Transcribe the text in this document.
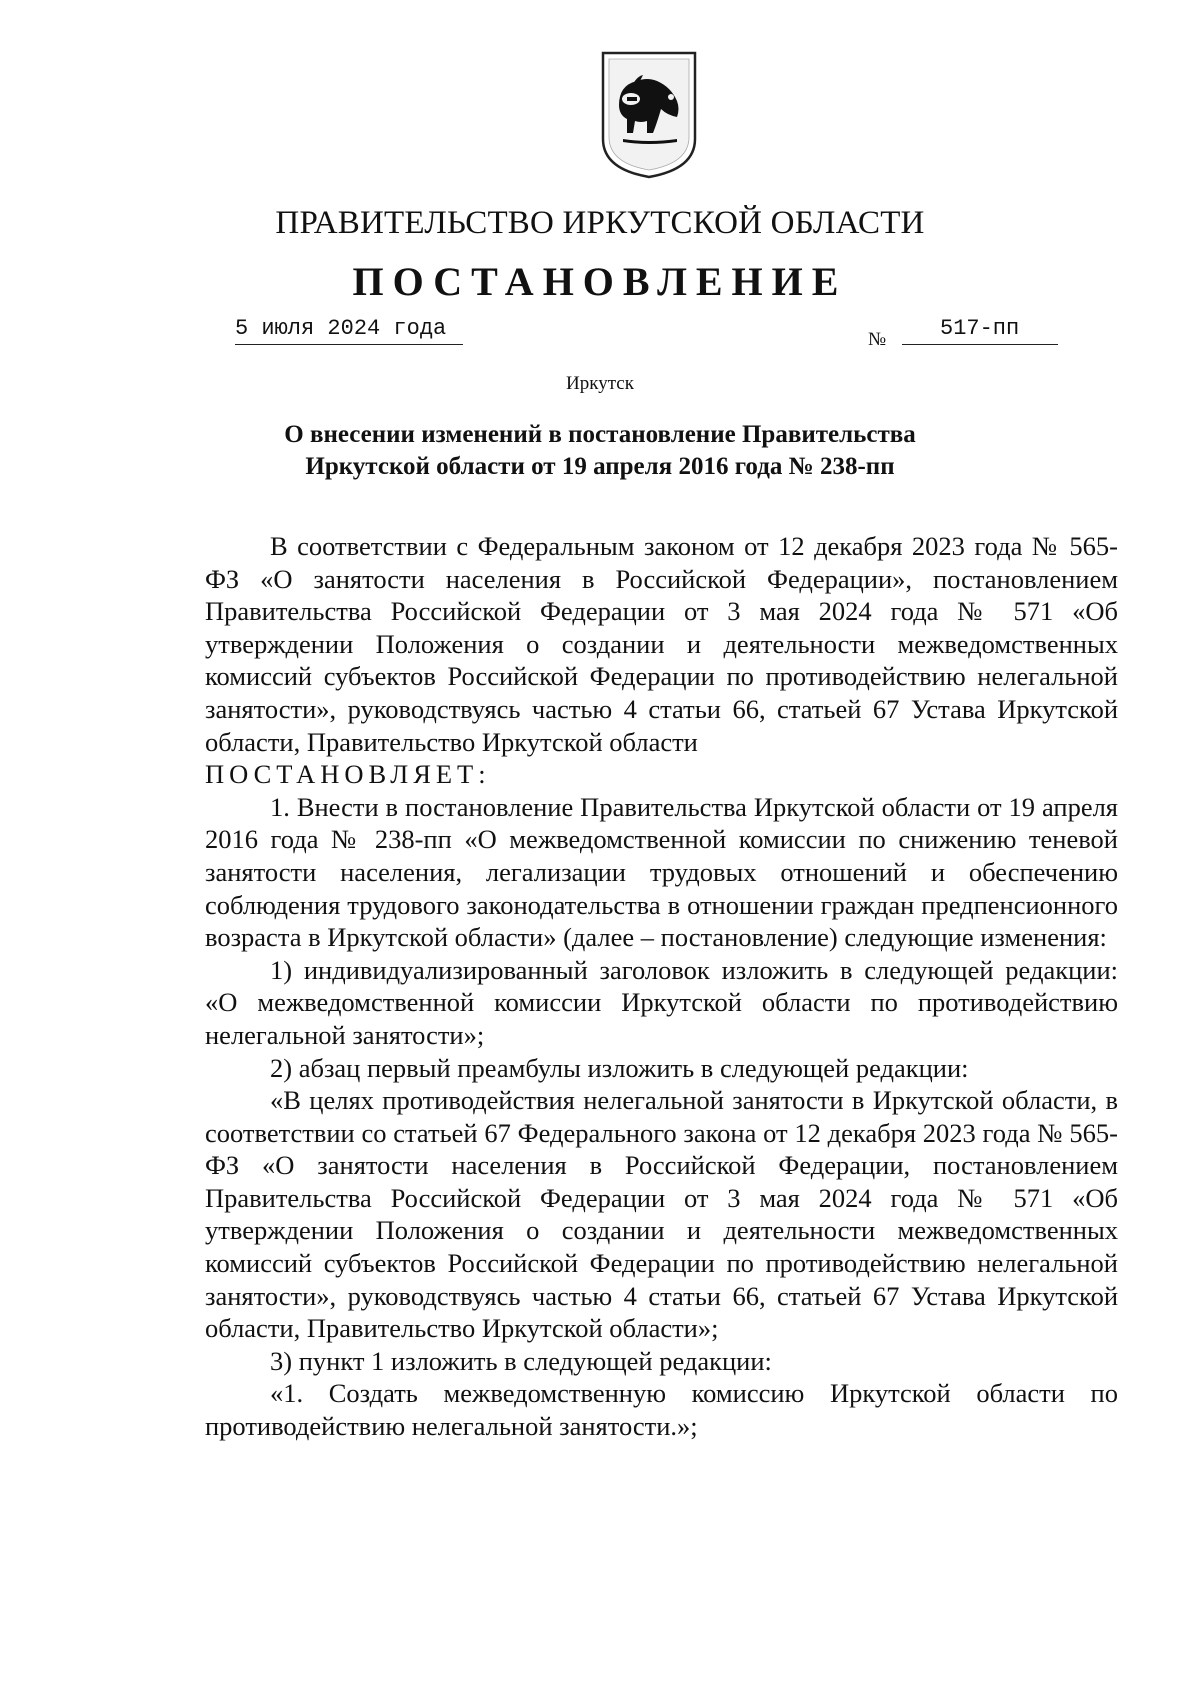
ПРАВИТЕЛЬСТВО ИРКУТСКОЙ ОБЛАСТИ
ПОСТАНОВЛЕНИЕ
5 июля 2024 года	№	517-пп
Иркутск
О внесении изменений в постановление Правительства
Иркутской области от 19 апреля 2016 года № 238-пп

В соответствии с Федеральным законом от 12 декабря 2023 года № 565-ФЗ «О занятости населения в Российской Федерации», постановлением Правительства Российской Федерации от 3 мая 2024 года № 571 «Об утверждении Положения о создании и деятельности межведомственных комиссий субъектов Российской Федерации по противодействию нелегальной занятости», руководствуясь частью 4 статьи 66, статьей 67 Устава Иркутской области, Правительство Иркутской области

ПОСТАНОВЛЯЕТ:

1. Внести в постановление Правительства Иркутской области от 19 апреля 2016 года № 238-пп «О межведомственной комиссии по снижению теневой занятости населения, легализации трудовых отношений и обеспечению соблюдения трудового законодательства в отношении граждан предпенсионного возраста в Иркутской области» (далее – постановление) следующие изменения:

1) индивидуализированный заголовок изложить в следующей редакции: «О межведомственной комиссии Иркутской области по противодействию нелегальной занятости»;

2) абзац первый преамбулы изложить в следующей редакции:

«В целях противодействия нелегальной занятости в Иркутской области, в соответствии со статьей 67 Федерального закона от 12 декабря 2023 года № 565-ФЗ «О занятости населения в Российской Федерации, постановлением Правительства Российской Федерации от 3 мая 2024 года № 571 «Об утверждении Положения о создании и деятельности межведомственных комиссий субъектов Российской Федерации по противодействию нелегальной занятости», руководствуясь частью 4 статьи 66, статьей 67 Устава Иркутской области, Правительство Иркутской области»;

3) пункт 1 изложить в следующей редакции:

«1. Создать межведомственную комиссию Иркутской области по противодействию нелегальной занятости.»;
